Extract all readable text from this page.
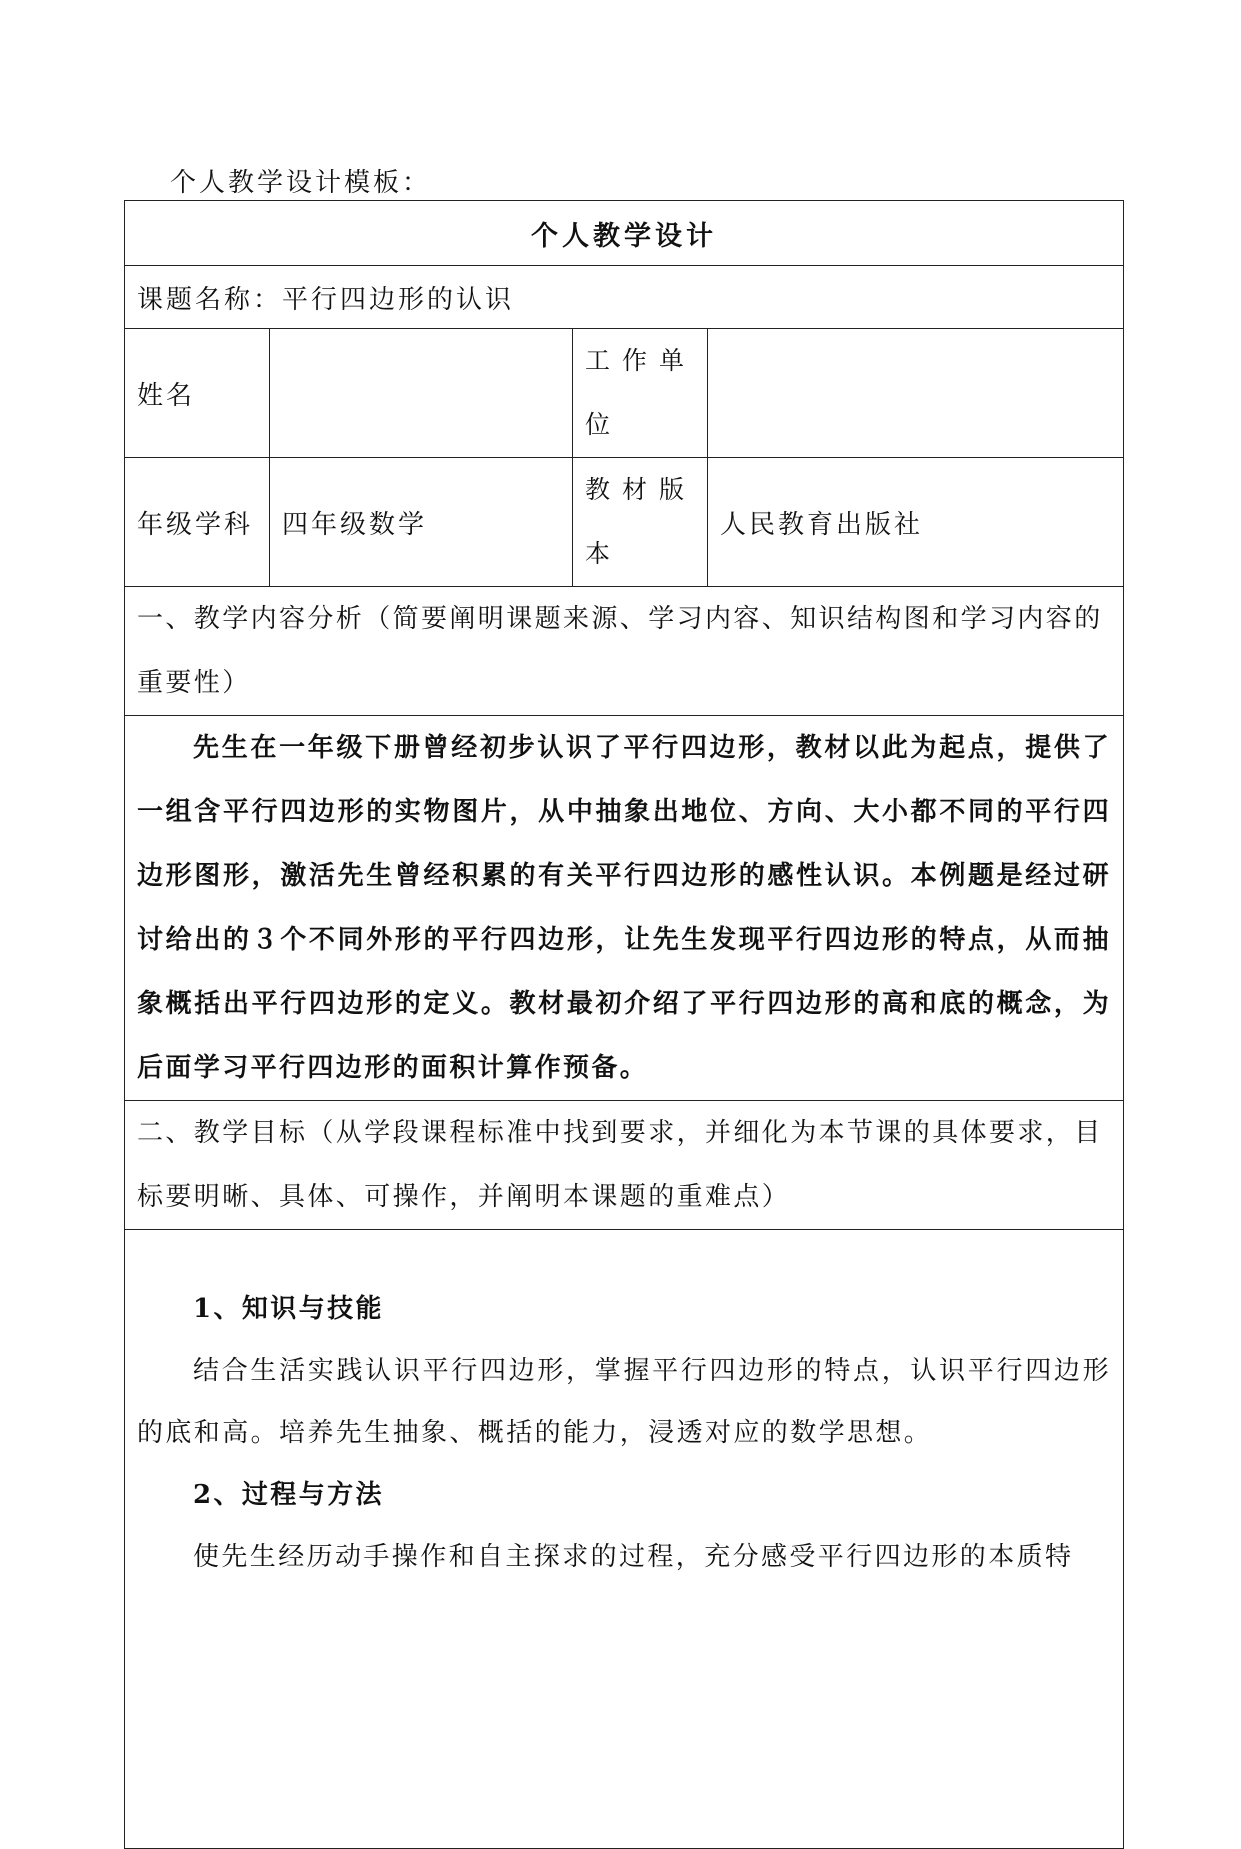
个人教学设计模板：
个人教学设计			
课题名称：平行四边形的认识			
姓名		工作单位	
年级学科	四年级数学	教材版本	人民教育出版社
一、教学内容分析（简要阐明课题来源、学习内容、知识结构图和学习内容的重要性）			
先生在一年级下册曾经初步认识了平行四边形，教材以此为起点，提供了一组含平行四边形的实物图片，从中抽象出地位、方向、大小都不同的平行四边形图形，激活先生曾经积累的有关平行四边形的感性认识。本例题是经过研讨给出的３个不同外形的平行四边形，让先生发现平行四边形的特点，从而抽象概括出平行四边形的定义。教材最初介绍了平行四边形的高和底的概念，为后面学习平行四边形的面积计算作预备。			
二、教学目标（从学段课程标准中找到要求，并细化为本节课的具体要求，目标要明晰、具体、可操作，并阐明本课题的重难点）			

1、知识与技能

结合生活实践认识平行四边形，掌握平行四边形的特点，认识平行四边形的底和高。培养先生抽象、概括的能力，浸透对应的数学思想。

2、过程与方法

使先生经历动手操作和自主探求的过程，充分感受平行四边形的本质特			
